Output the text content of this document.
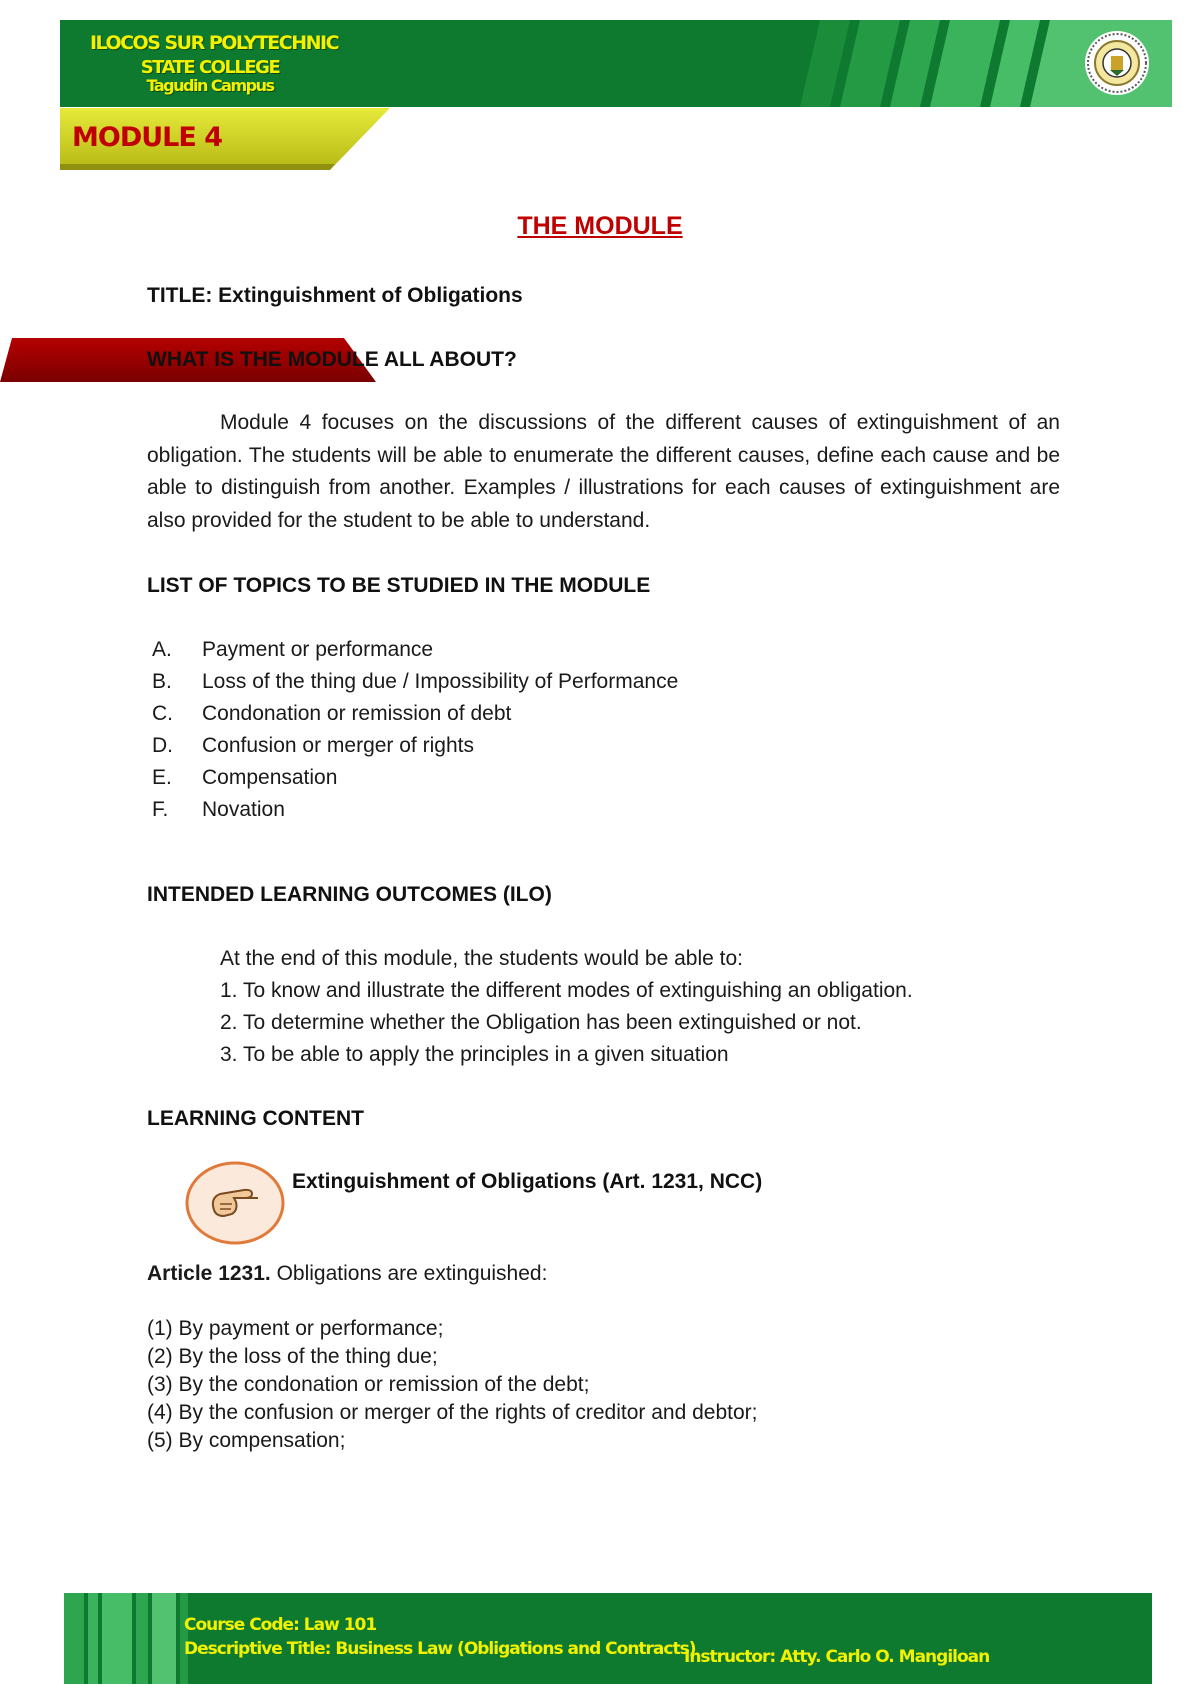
ILOCOS SUR POLYTECHNIC
STATE COLLEGE
Tagudin Campus
MODULE 4
THE MODULE
TITLE: Extinguishment of Obligations
WHAT IS THE MODULE ALL ABOUT?
Module 4 focuses on the discussions of the different causes of extinguishment of an obligation. The students will be able to enumerate the different causes, define each cause and be able to distinguish from another. Examples / illustrations for each causes of extinguishment are also provided for the student to be able to understand.
LIST OF TOPICS TO BE STUDIED IN THE MODULE
A. Payment or performance
B. Loss of the thing due / Impossibility of Performance
C. Condonation or remission of debt
D. Confusion or merger of rights
E. Compensation
F. Novation
INTENDED LEARNING OUTCOMES (ILO)
At the end of this module, the students would be able to:
1. To know and illustrate the different modes of extinguishing an obligation.
2. To determine whether the Obligation has been extinguished or not.
3. To be able to apply the principles in a given situation
LEARNING CONTENT
Extinguishment of Obligations (Art. 1231, NCC)
Article 1231. Obligations are extinguished:
(1) By payment or performance;
(2) By the loss of the thing due;
(3) By the condonation or remission of the debt;
(4) By the confusion or merger of the rights of creditor and debtor;
(5) By compensation;
Course Code: Law 101
Descriptive Title: Business Law (Obligations and Contracts)
Instructor: Atty. Carlo O. Mangiloan
